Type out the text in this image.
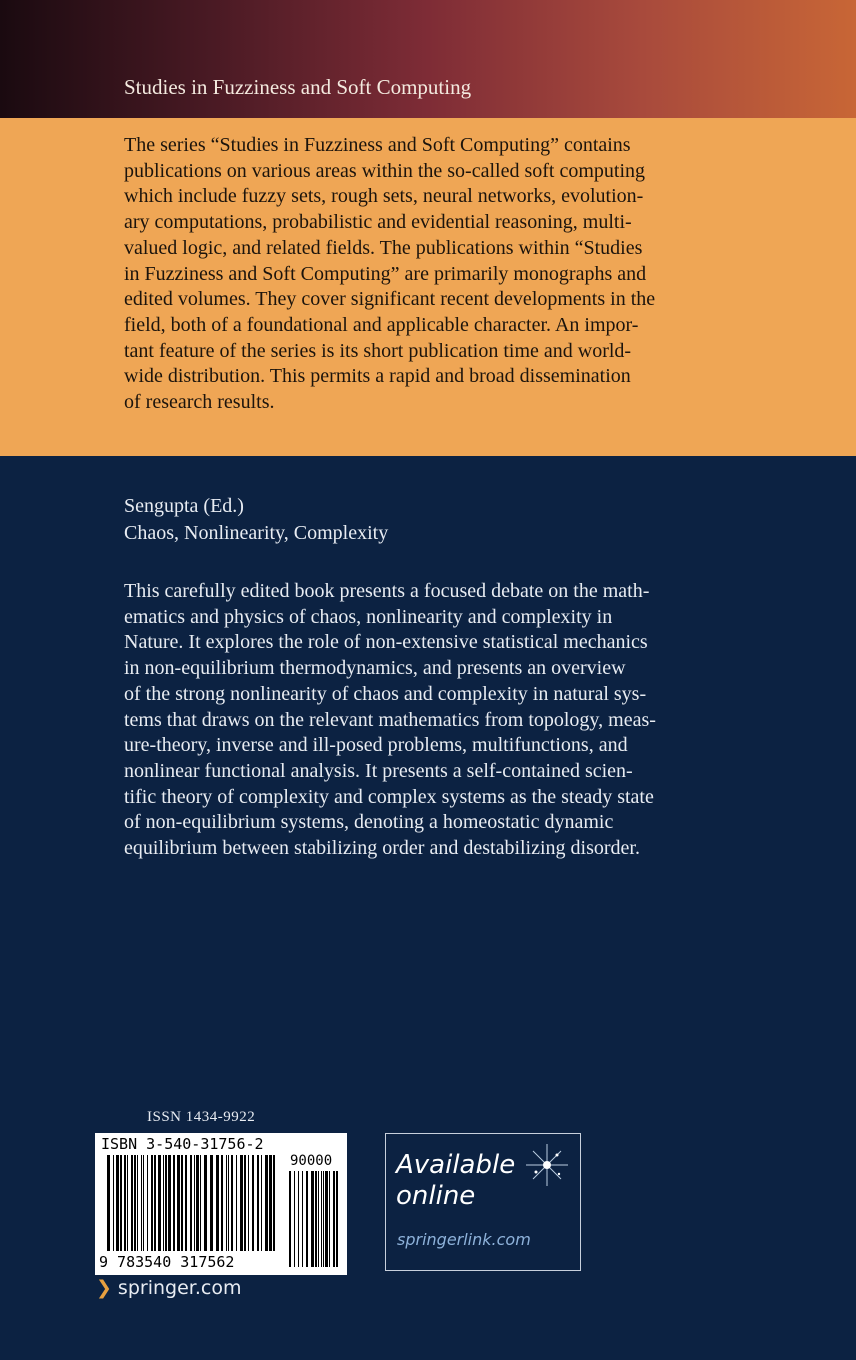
Studies in Fuzziness and Soft Computing

The series “Studies in Fuzziness and Soft Computing” contains
publications on various areas within the so-called soft computing
which include fuzzy sets, rough sets, neural networks, evolution-
ary computations, probabilistic and evidential reasoning, multi-
valued logic, and related fields. The publications within “Studies
in Fuzziness and Soft Computing” are primarily monographs and
edited volumes. They cover significant recent developments in the
field, both of a foundational and applicable character. An impor-
tant feature of the series is its short publication time and world-
wide distribution. This permits a rapid and broad dissemination
of research results.

Sengupta (Ed.)
Chaos, Nonlinearity, Complexity

This carefully edited book presents a focused debate on the math-
ematics and physics of chaos, nonlinearity and complexity in
Nature. It explores the role of non-extensive statistical mechanics
in non-equilibrium thermodynamics, and presents an overview
of the strong nonlinearity of chaos and complexity in natural sys-
tems that draws on the relevant mathematics from topology, meas-
ure-theory, inverse and ill-posed problems, multifunctions, and
nonlinear functional analysis. It presents a self-contained scien-
tific theory of complexity and complex systems as the steady state
of non-equilibrium systems, denoting a homeostatic dynamic
equilibrium between stabilizing order and destabilizing disorder.

ISSN 1434-9922
ISBN 3-540-31756-2
90000
9 783540 317562
❯ springer.com
Available
online
springerlink.com
